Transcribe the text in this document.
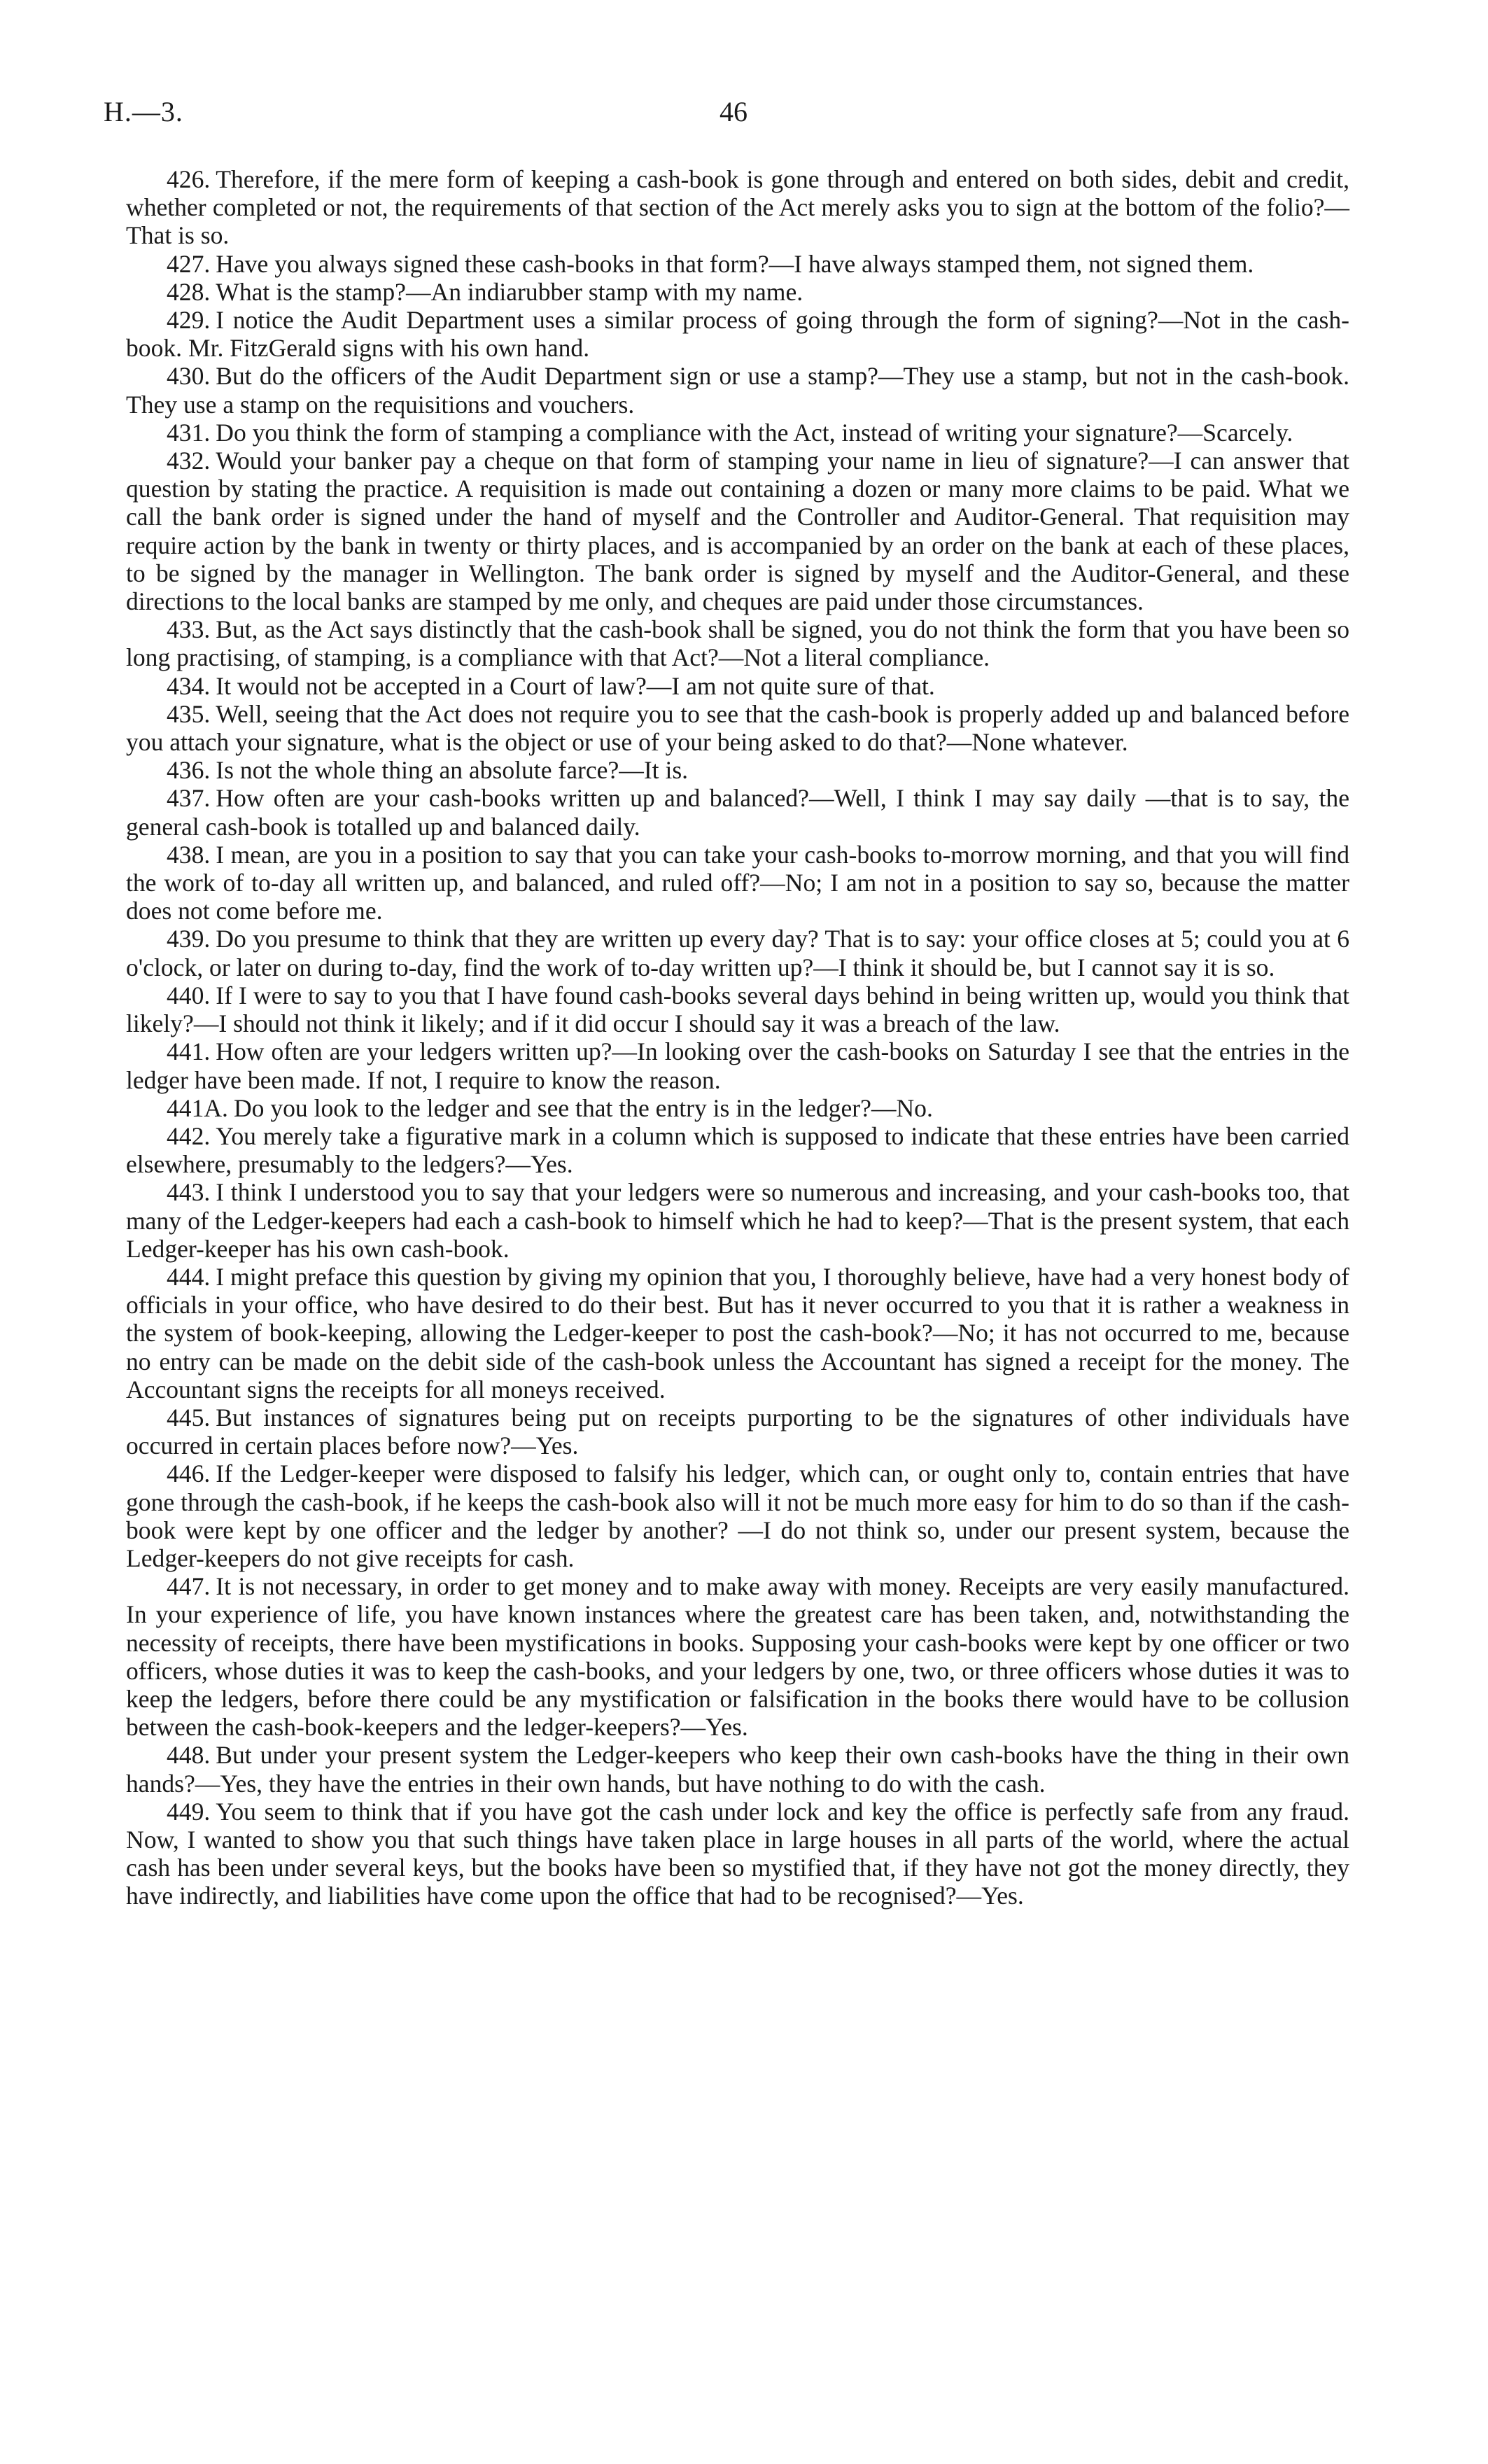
H.—3.	46

426. Therefore, if the mere form of keeping a cash-book is gone through and entered on both sides, debit and credit, whether completed or not, the requirements of that section of the Act merely asks you to sign at the bottom of the folio?—That is so.

427. Have you always signed these cash-books in that form?—I have always stamped them, not signed them.

428. What is the stamp?—An indiarubber stamp with my name.

429. I notice the Audit Department uses a similar process of going through the form of signing?—Not in the cash-book. Mr. FitzGerald signs with his own hand.

430. But do the officers of the Audit Department sign or use a stamp?—They use a stamp, but not in the cash-book. They use a stamp on the requisitions and vouchers.

431. Do you think the form of stamping a compliance with the Act, instead of writing your signature?—Scarcely.

432. Would your banker pay a cheque on that form of stamping your name in lieu of signature?—I can answer that question by stating the practice. A requisition is made out containing a dozen or many more claims to be paid. What we call the bank order is signed under the hand of myself and the Controller and Auditor-General. That requisition may require action by the bank in twenty or thirty places, and is accompanied by an order on the bank at each of these places, to be signed by the manager in Wellington. The bank order is signed by myself and the Auditor-General, and these directions to the local banks are stamped by me only, and cheques are paid under those circumstances.

433. But, as the Act says distinctly that the cash-book shall be signed, you do not think the form that you have been so long practising, of stamping, is a compliance with that Act?—Not a literal compliance.

434. It would not be accepted in a Court of law?—I am not quite sure of that.

435. Well, seeing that the Act does not require you to see that the cash-book is properly added up and balanced before you attach your signature, what is the object or use of your being asked to do that?—None whatever.

436. Is not the whole thing an absolute farce?—It is.

437. How often are your cash-books written up and balanced?—Well, I think I may say daily —that is to say, the general cash-book is totalled up and balanced daily.

438. I mean, are you in a position to say that you can take your cash-books to-morrow morning, and that you will find the work of to-day all written up, and balanced, and ruled off?—No; I am not in a position to say so, because the matter does not come before me.

439. Do you presume to think that they are written up every day? That is to say: your office closes at 5; could you at 6 o'clock, or later on during to-day, find the work of to-day written up?—I think it should be, but I cannot say it is so.

440. If I were to say to you that I have found cash-books several days behind in being written up, would you think that likely?—I should not think it likely; and if it did occur I should say it was a breach of the law.

441. How often are your ledgers written up?—In looking over the cash-books on Saturday I see that the entries in the ledger have been made. If not, I require to know the reason.

441A. Do you look to the ledger and see that the entry is in the ledger?—No.

442. You merely take a figurative mark in a column which is supposed to indicate that these entries have been carried elsewhere, presumably to the ledgers?—Yes.

443. I think I understood you to say that your ledgers were so numerous and increasing, and your cash-books too, that many of the Ledger-keepers had each a cash-book to himself which he had to keep?—That is the present system, that each Ledger-keeper has his own cash-book.

444. I might preface this question by giving my opinion that you, I thoroughly believe, have had a very honest body of officials in your office, who have desired to do their best. But has it never occurred to you that it is rather a weakness in the system of book-keeping, allowing the Ledger-keeper to post the cash-book?—No; it has not occurred to me, because no entry can be made on the debit side of the cash-book unless the Accountant has signed a receipt for the money. The Accountant signs the receipts for all moneys received.

445. But instances of signatures being put on receipts purporting to be the signatures of other individuals have occurred in certain places before now?—Yes.

446. If the Ledger-keeper were disposed to falsify his ledger, which can, or ought only to, contain entries that have gone through the cash-book, if he keeps the cash-book also will it not be much more easy for him to do so than if the cash-book were kept by one officer and the ledger by another? —I do not think so, under our present system, because the Ledger-keepers do not give receipts for cash.

447. It is not necessary, in order to get money and to make away with money. Receipts are very easily manufactured. In your experience of life, you have known instances where the greatest care has been taken, and, notwithstanding the necessity of receipts, there have been mystifications in books. Supposing your cash-books were kept by one officer or two officers, whose duties it was to keep the cash-books, and your ledgers by one, two, or three officers whose duties it was to keep the ledgers, before there could be any mystification or falsification in the books there would have to be collusion between the cash-book-keepers and the ledger-keepers?—Yes.

448. But under your present system the Ledger-keepers who keep their own cash-books have the thing in their own hands?—Yes, they have the entries in their own hands, but have nothing to do with the cash.

449. You seem to think that if you have got the cash under lock and key the office is perfectly safe from any fraud. Now, I wanted to show you that such things have taken place in large houses in all parts of the world, where the actual cash has been under several keys, but the books have been so mystified that, if they have not got the money directly, they have indirectly, and liabilities have come upon the office that had to be recognised?—Yes.
